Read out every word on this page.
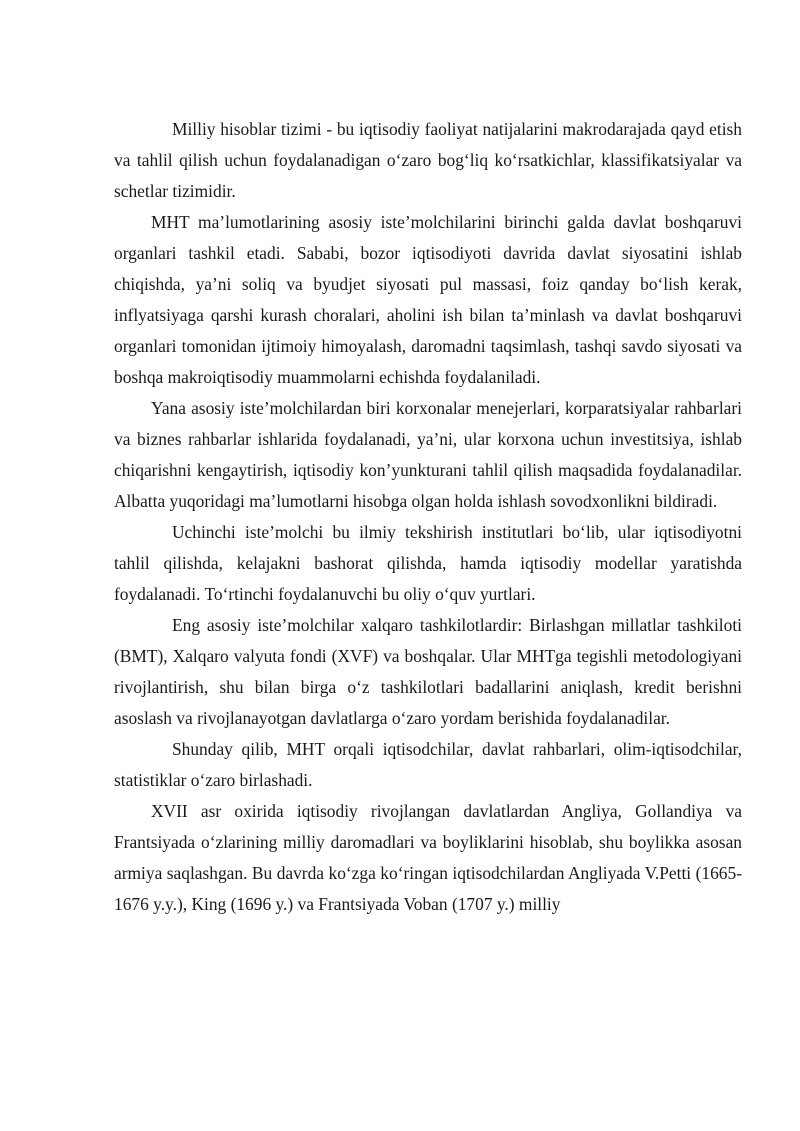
Milliy hisoblar tizimi - bu iqtisodiy faoliyat natijalarini makrodarajada qayd etish va tahlil qilish uchun foydalanadigan o‘zaro bog‘liq ko‘rsatkichlar, klassifikatsiyalar va schetlar tizimidir.

MHT ma’lumotlarining asosiy iste’molchilarini birinchi galda davlat boshqaruvi organlari tashkil etadi. Sababi, bozor iqtisodiyoti davrida davlat siyosatini ishlab chiqishda, ya’ni soliq va byudjet siyosati pul massasi, foiz qanday bo‘lish kerak, inflyatsiyaga qarshi kurash choralari, aholini ish bilan ta’minlash va davlat boshqaruvi organlari tomonidan ijtimoiy himoyalash, daromadni taqsimlash, tashqi savdo siyosati va boshqa makroiqtisodiy muammolarni echishda foydalaniladi.

Yana asosiy iste’molchilardan biri korxonalar menejerlari, korparatsiyalar rahbarlari va biznes rahbarlar ishlarida foydalanadi, ya’ni, ular korxona uchun investitsiya, ishlab chiqarishni kengaytirish, iqtisodiy kon’yunkturani tahlil qilish maqsadida foydalanadilar. Albatta yuqoridagi ma’lumotlarni hisobga olgan holda ishlash sovodxonlikni bildiradi.

Uchinchi iste’molchi bu ilmiy tekshirish institutlari bo‘lib, ular iqtisodiyotni tahlil qilishda, kelajakni bashorat qilishda, hamda iqtisodiy modellar yaratishda foydalanadi. To‘rtinchi foydalanuvchi bu oliy o‘quv yurtlari.

Eng asosiy iste’molchilar xalqaro tashkilotlardir: Birlashgan millatlar tashkiloti (BMT), Xalqaro valyuta fondi (XVF) va boshqalar. Ular MHTga tegishli metodologiyani rivojlantirish, shu bilan birga o‘z tashkilotlari badallarini aniqlash, kredit berishni asoslash va rivojlanayotgan davlatlarga o‘zaro yordam berishida foydalanadilar.

Shunday qilib, MHT orqali iqtisodchilar, davlat rahbarlari, olim-iqtisodchilar, statistiklar o‘zaro birlashadi.

XVII asr oxirida iqtisodiy rivojlangan davlatlardan Angliya, Gollandiya va Frantsiyada o‘zlarining milliy daromadlari va boyliklarini hisoblab, shu boylikka asosan armiya saqlashgan. Bu davrda ko‘zga ko‘ringan iqtisodchilardan Angliyada V.Petti (1665-1676 y.y.), King (1696 y.) va Frantsiyada Voban (1707 y.) milliy
